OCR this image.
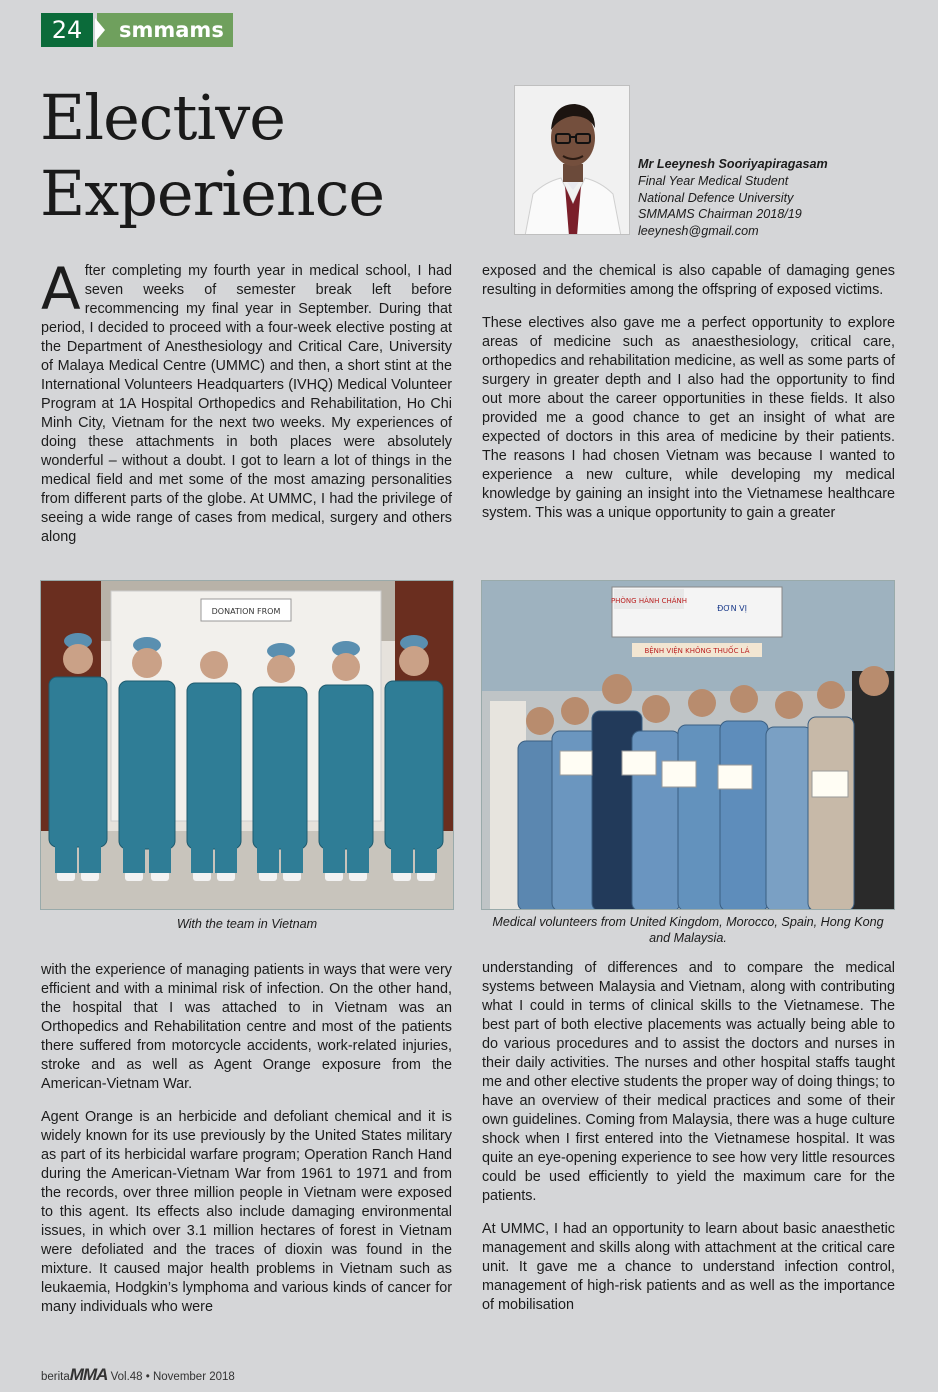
24	smmams
Elective
Experience	Mr Leeynesh Sooriyapiragasam
Final Year Medical Student
National Defence University
SMMAMS Chairman 2018/19
leeynesh@gmail.com

After completing my fourth year in medical school, I had seven weeks of semester break left before recommencing my final year in September. During that period, I decided to proceed with a four-week elective posting at the Department of Anesthesiology and Critical Care, University of Malaya Medical Centre (UMMC) and then, a short stint at the International Volunteers Headquarters (IVHQ) Medical Volunteer Program at 1A Hospital Orthopedics and Rehabilitation, Ho Chi Minh City, Vietnam for the next two weeks. My experiences of doing these attachments in both places were absolutely wonderful – without a doubt. I got to learn a lot of things in the medical field and met some of the most amazing personalities from different parts of the globe. At UMMC, I had the privilege of seeing a wide range of cases from medical, surgery and others along

exposed and the chemical is also capable of damaging genes resulting in deformities among the offspring of exposed victims.

These electives also gave me a perfect opportunity to explore areas of medicine such as anaesthesiology, critical care, orthopedics and rehabilitation medicine, as well as some parts of surgery in greater depth and I also had the opportunity to find out more about the career opportunities in these fields. It also provided me a good chance to get an insight of what are expected of doctors in this area of medicine by their patients. The reasons I had chosen Vietnam was because I wanted to experience a new culture, while developing my medical knowledge by gaining an insight into the Vietnamese healthcare system. This was a unique opportunity to gain a greater

DONATION FROM
PHÒNG HÀNH CHÁNH
ĐƠN VỊ
BỆNH VIỆN KHÔNG THUỐC LÁ
With the team in Vietnam	Medical volunteers from United Kingdom, Morocco, Spain, Hong Kong and Malaysia.

with the experience of managing patients in ways that were very efficient and with a minimal risk of infection. On the other hand, the hospital that I was attached to in Vietnam was an Orthopedics and Rehabilitation centre and most of the patients there suffered from motorcycle accidents, work-related injuries, stroke and as well as Agent Orange exposure from the American-Vietnam War.

Agent Orange is an herbicide and defoliant chemical and it is widely known for its use previously by the United States military as part of its herbicidal warfare program; Operation Ranch Hand during the American-Vietnam War from 1961 to 1971 and from the records, over three million people in Vietnam were exposed to this agent. Its effects also include damaging environmental issues, in which over 3.1 million hectares of forest in Vietnam were defoliated and the traces of dioxin was found in the mixture. It caused major health problems in Vietnam such as leukaemia, Hodgkin’s lymphoma and various kinds of cancer for many individuals who were

understanding of differences and to compare the medical systems between Malaysia and Vietnam, along with contributing what I could in terms of clinical skills to the Vietnamese. The best part of both elective placements was actually being able to do various procedures and to assist the doctors and nurses in their daily activities. The nurses and other hospital staffs taught me and other elective students the proper way of doing things; to have an overview of their medical practices and some of their own guidelines. Coming from Malaysia, there was a huge culture shock when I first entered into the Vietnamese hospital. It was quite an eye-opening experience to see how very little resources could be used efficiently to yield the maximum care for the patients.

At UMMC, I had an opportunity to learn about basic anaesthetic management and skills along with attachment at the critical care unit. It gave me a chance to understand infection control, management of high-risk patients and as well as the importance of mobilisation

beritaMMA Vol.48 • November 2018
